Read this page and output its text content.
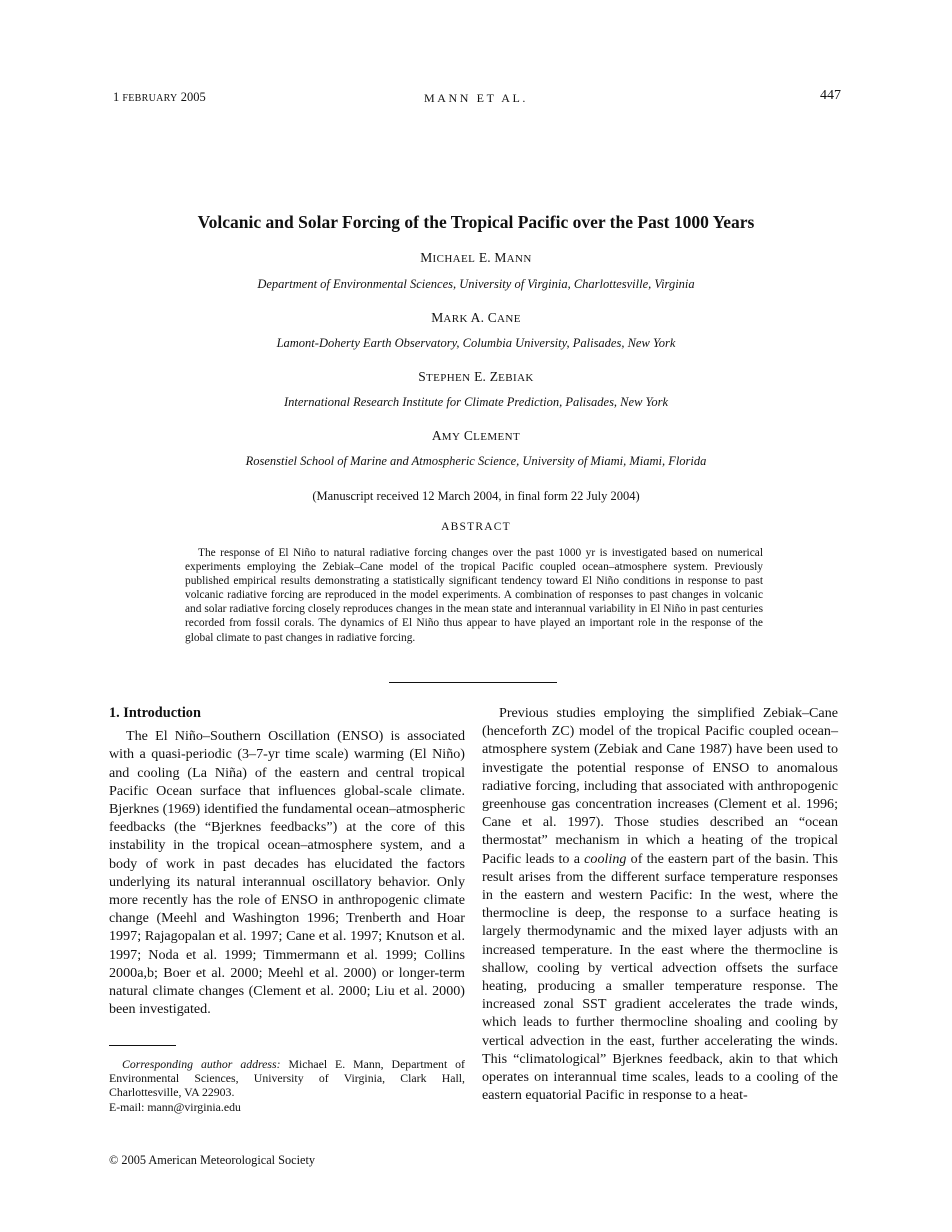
1 FEBRUARY 2005	MANN ET AL.	447
Volcanic and Solar Forcing of the Tropical Pacific over the Past 1000 Years
MICHAEL E. MANN
Department of Environmental Sciences, University of Virginia, Charlottesville, Virginia
MARK A. CANE
Lamont-Doherty Earth Observatory, Columbia University, Palisades, New York
STEPHEN E. ZEBIAK
International Research Institute for Climate Prediction, Palisades, New York
AMY CLEMENT
Rosenstiel School of Marine and Atmospheric Science, University of Miami, Miami, Florida
(Manuscript received 12 March 2004, in final form 22 July 2004)
ABSTRACT

The response of El Niño to natural radiative forcing changes over the past 1000 yr is investigated based on numerical experiments employing the Zebiak–Cane model of the tropical Pacific coupled ocean–atmosphere system. Previously published empirical results demonstrating a statistically significant tendency toward El Niño conditions in response to past volcanic radiative forcing are reproduced in the model experiments. A combination of responses to past changes in volcanic and solar radiative forcing closely reproduces changes in the mean state and interannual variability in El Niño in past centuries recorded from fossil corals. The dynamics of El Niño thus appear to have played an important role in the response of the global climate to past changes in radiative forcing.

1. Introduction

The El Niño–Southern Oscillation (ENSO) is associated with a quasi-periodic (3–7-yr time scale) warming (El Niño) and cooling (La Niña) of the eastern and central tropical Pacific Ocean surface that influences global-scale climate. Bjerknes (1969) identified the fundamental ocean–atmospheric feedbacks (the “Bjerknes feedbacks”) at the core of this instability in the tropical ocean–atmosphere system, and a body of work in past decades has elucidated the factors underlying its natural interannual oscillatory behavior. Only more recently has the role of ENSO in anthropogenic climate change (Meehl and Washington 1996; Trenberth and Hoar 1997; Rajagopalan et al. 1997; Cane et al. 1997; Knutson et al. 1997; Noda et al. 1999; Timmermann et al. 1999; Collins 2000a,b; Boer et al. 2000; Meehl et al. 2000) or longer-term natural climate changes (Clement et al. 2000; Liu et al. 2000) been investigated.

Previous studies employing the simplified Zebiak–Cane (henceforth ZC) model of the tropical Pacific coupled ocean–atmosphere system (Zebiak and Cane 1987) have been used to investigate the potential response of ENSO to anomalous radiative forcing, including that associated with anthropogenic greenhouse gas concentration increases (Clement et al. 1996; Cane et al. 1997). Those studies described an “ocean thermostat” mechanism in which a heating of the tropical Pacific leads to a cooling of the eastern part of the basin. This result arises from the different surface temperature responses in the eastern and western Pacific: In the west, where the thermocline is deep, the response to a surface heating is largely thermodynamic and the mixed layer adjusts with an increased temperature. In the east where the thermocline is shallow, cooling by vertical advection offsets the surface heating, producing a smaller temperature response. The increased zonal SST gradient accelerates the trade winds, which leads to further thermocline shoaling and cooling by vertical advection in the east, further accelerating the winds. This “climatological” Bjerknes feedback, akin to that which operates on interannual time scales, leads to a cooling of the eastern equatorial Pacific in response to a heat-

Corresponding author address: Michael E. Mann, Department of Environmental Sciences, University of Virginia, Clark Hall, Charlottesville, VA 22903.

E-mail: mann@virginia.edu

© 2005 American Meteorological Society
